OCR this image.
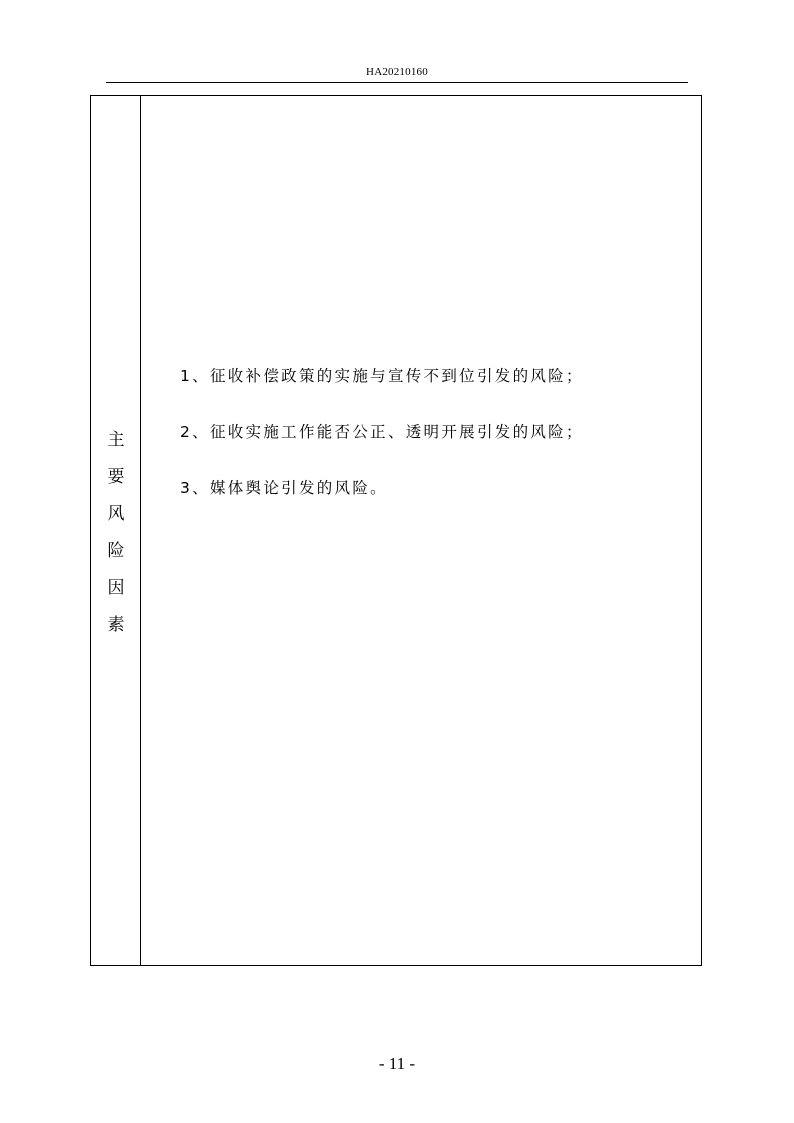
HA20210160
主
要
风
险
因
素
1、征收补偿政策的实施与宣传不到位引发的风险；
2、征收实施工作能否公正、透明开展引发的风险；
3、媒体舆论引发的风险。
- 11 -
